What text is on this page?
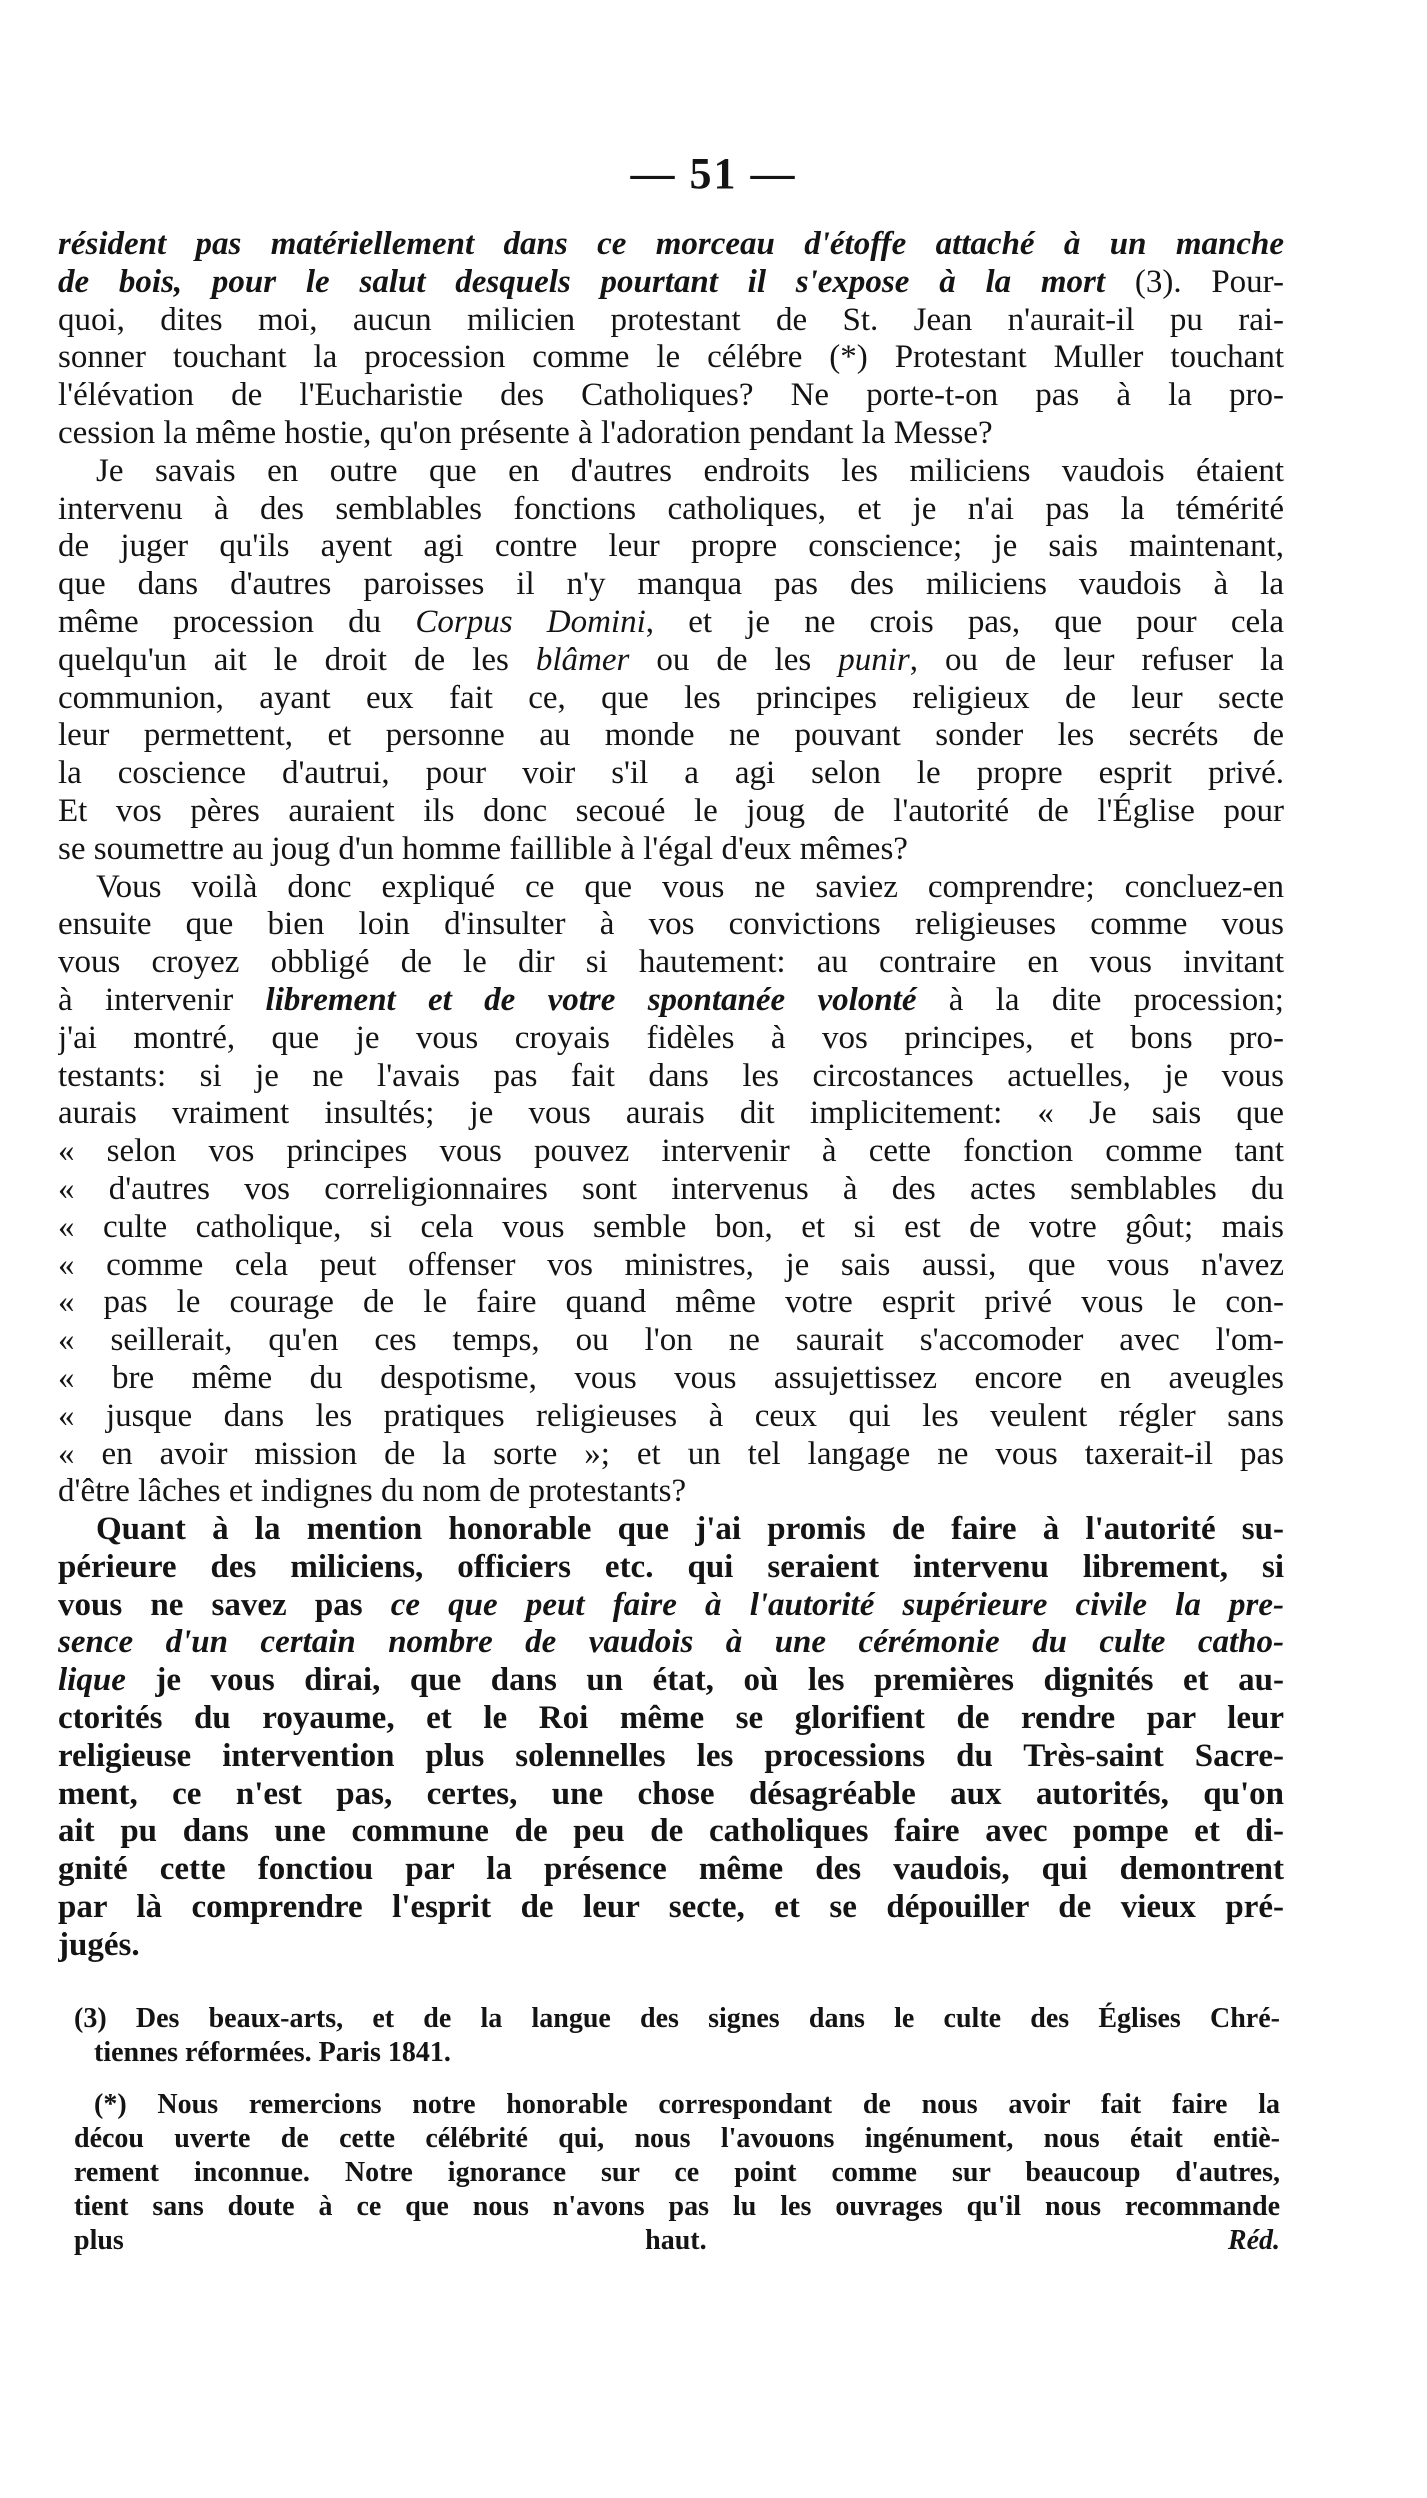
— 51 —
résident pas matériellement dans ce morceau d'étoffe attaché à un manche
de bois, pour le salut desquels pourtant il s'expose à la mort (3). Pour-
quoi, dites moi, aucun milicien protestant de St. Jean n'aurait-il pu rai-
sonner touchant la procession comme le célébre (*) Protestant Muller touchant
l'élévation de l'Eucharistie des Catholiques? Ne porte-t-on pas à la pro-
cession la même hostie, qu'on présente à l'adoration pendant la Messe?
Je savais en outre que en d'autres endroits les miliciens vaudois étaient
intervenu à des semblables fonctions catholiques, et je n'ai pas la témérité
de juger qu'ils ayent agi contre leur propre conscience; je sais maintenant,
que dans d'autres paroisses il n'y manqua pas des miliciens vaudois à la
même procession du Corpus Domini, et je ne crois pas, que pour cela
quelqu'un ait le droit de les blâmer ou de les punir, ou de leur refuser la
communion, ayant eux fait ce, que les principes religieux de leur secte
leur permettent, et personne au monde ne pouvant sonder les secréts de
la coscience d'autrui, pour voir s'il a agi selon le propre esprit privé.
Et vos pères auraient ils donc secoué le joug de l'autorité de l'Église pour
se soumettre au joug d'un homme faillible à l'égal d'eux mêmes?
Vous voilà donc expliqué ce que vous ne saviez comprendre; concluez-en
ensuite que bien loin d'insulter à vos convictions religieuses comme vous
vous croyez obbligé de le dir si hautement: au contraire en vous invitant
à intervenir librement et de votre spontanée volonté à la dite procession;
j'ai montré, que je vous croyais fidèles à vos principes, et bons pro-
testants: si je ne l'avais pas fait dans les circostances actuelles, je vous
aurais vraiment insultés; je vous aurais dit implicitement: « Je sais que
« selon vos principes vous pouvez intervenir à cette fonction comme tant
« d'autres vos correligionnaires sont intervenus à des actes semblables du
« culte catholique, si cela vous semble bon, et si est de votre gôut; mais
« comme cela peut offenser vos ministres, je sais aussi, que vous n'avez
« pas le courage de le faire quand même votre esprit privé vous le con-
« seillerait, qu'en ces temps, ou l'on ne saurait s'accomoder avec l'om-
« bre même du despotisme, vous vous assujettissez encore en aveugles
« jusque dans les pratiques religieuses à ceux qui les veulent régler sans
« en avoir mission de la sorte »; et un tel langage ne vous taxerait-il pas
d'être lâches et indignes du nom de protestants?
Quant à la mention honorable que j'ai promis de faire à l'autorité su-
périeure des miliciens, officiers etc. qui seraient intervenu librement, si
vous ne savez pas ce que peut faire à l'autorité supérieure civile la pre-
sence d'un certain nombre de vaudois à une cérémonie du culte catho-
lique je vous dirai, que dans un état, où les premières dignités et au-
ctorités du royaume, et le Roi même se glorifient de rendre par leur
religieuse intervention plus solennelles les processions du Très-saint Sacre-
ment, ce n'est pas, certes, une chose désagréable aux autorités, qu'on
ait pu dans une commune de peu de catholiques faire avec pompe et di-
gnité cette fonctiou par la présence même des vaudois, qui demontrent
par là comprendre l'esprit de leur secte, et se dépouiller de vieux pré-
jugés.
(3) Des beaux-arts, et de la langue des signes dans le culte des Églises Chré-
tiennes réformées. Paris 1841.
(*) Nous remercions notre honorable correspondant de nous avoir fait faire la
décou uverte de cette célébrité qui, nous l'avouons ingénument, nous était entiè-
rement inconnue. Notre ignorance sur ce point comme sur beaucoup d'autres,
tient sans doute à ce que nous n'avons pas lu les ouvrages qu'il nous recommande
plus haut.	Réd.
